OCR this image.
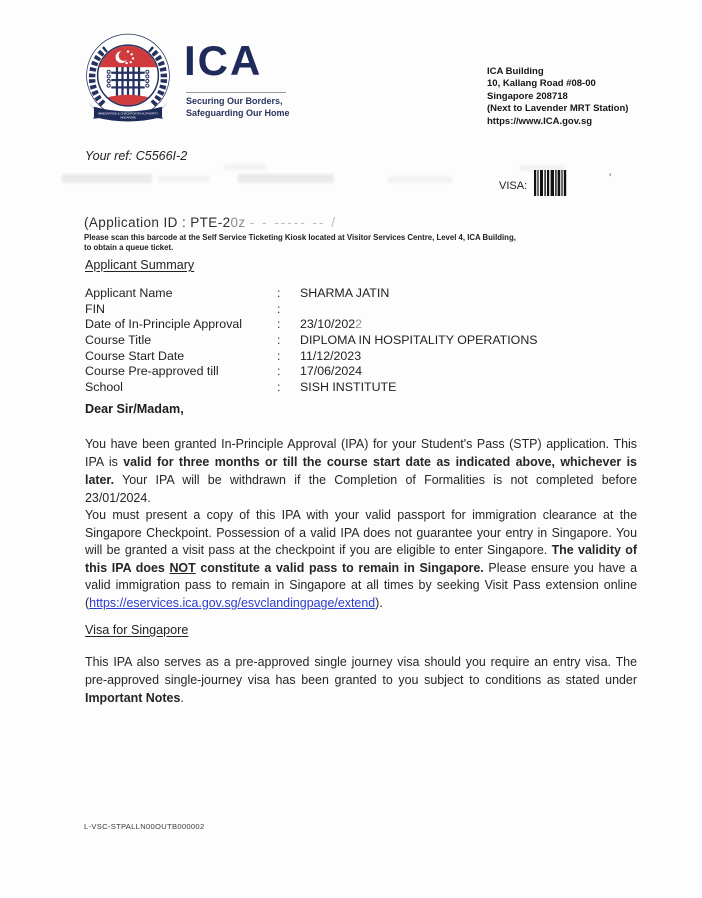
IMMIGRATION & CHECKPOINTS AUTHORITY
SINGAPORE
ICA
Securing Our Borders,
Safeguarding Our Home
ICA Building
10, Kallang Road #08-00
Singapore 208718
(Next to Lavender MRT Station)
https://www.ICA.gov.sg
Your ref: C5566I-2
VISA:
'
(Application ID : PTE-20z - - ----- -- /
Please scan this barcode at the Self Service Ticketing Kiosk located at Visitor Services Centre, Level 4, ICA Building,
to obtain a queue ticket.
Applicant Summary
Applicant Name	:	SHARMA JATIN
FIN	:
Date of In-Principle Approval	:	23/10/2022
Course Title	:	DIPLOMA IN HOSPITALITY OPERATIONS
Course Start Date	:	11/12/2023
Course Pre-approved till	:	17/06/2024
School	:	SISH INSTITUTE
Dear Sir/Madam,
You have been granted In-Principle Approval (IPA) for your Student's Pass (STP) application. This IPA is valid for three months or till the course start date as indicated above, whichever is later. Your IPA will be withdrawn if the Completion of Formalities is not completed before 23/01/2024.
You must present a copy of this IPA with your valid passport for immigration clearance at the Singapore Checkpoint. Possession of a valid IPA does not guarantee your entry in Singapore. You will be granted a visit pass at the checkpoint if you are eligible to enter Singapore. The validity of this IPA does NOT constitute a valid pass to remain in Singapore. Please ensure you have a valid immigration pass to remain in Singapore at all times by seeking Visit Pass extension online (https://eservices.ica.gov.sg/esvclandingpage/extend).
Visa for Singapore
This IPA also serves as a pre-approved single journey visa should you require an entry visa. The pre-approved single-journey visa has been granted to you subject to conditions as stated under Important Notes.
L-VSC-STPALLN00OUTB000002
